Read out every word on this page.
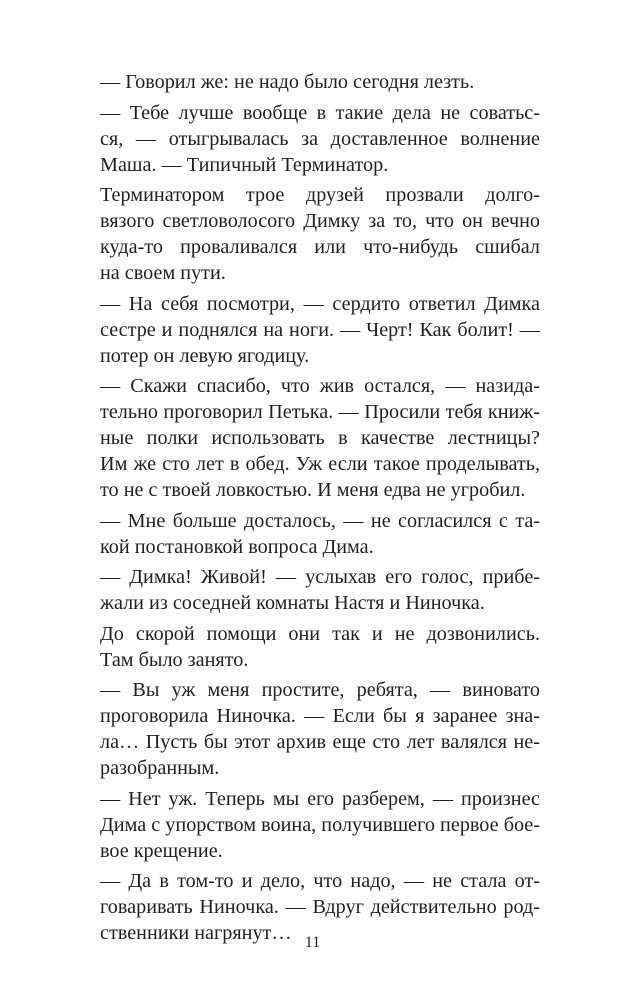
— Говорил же: не надо было сегодня лезть.

— Тебе лучше вообще в такие дела не соватьс-
ся, — отыгрывалась за доставленное волнение
Маша. — Типичный Терминатор.

Терминатором трое друзей прозвали долго-
вязого светловолосого Димку за то, что он вечно
куда-то проваливался или что-нибудь сшибал
на своем пути.

— На себя посмотри, — сердито ответил Димка
сестре и поднялся на ноги. — Черт! Как болит! —
потер он левую ягодицу.

— Скажи спасибо, что жив остался, — назида-
тельно проговорил Петька. — Просили тебя книж-
ные полки использовать в качестве лестницы?
Им же сто лет в обед. Уж если такое проделывать,
то не с твоей ловкостью. И меня едва не угробил.

— Мне больше досталось, — не согласился с та-
кой постановкой вопроса Дима.

— Димка! Живой! — услыхав его голос, прибе-
жали из соседней комнаты Настя и Ниночка.

До скорой помощи они так и не дозвонились.
Там было занято.

— Вы уж меня простите, ребята, — виновато
проговорила Ниночка. — Если бы я заранее зна-
ла… Пусть бы этот архив еще сто лет валялся не-
разобранным.

— Нет уж. Теперь мы его разберем, — произнес
Дима с упорством воина, получившего первое бое-
вое крещение.

— Да в том-то и дело, что надо, — не стала от-
говаривать Ниночка. — Вдруг действительно род-
ственники нагрянут… 11
